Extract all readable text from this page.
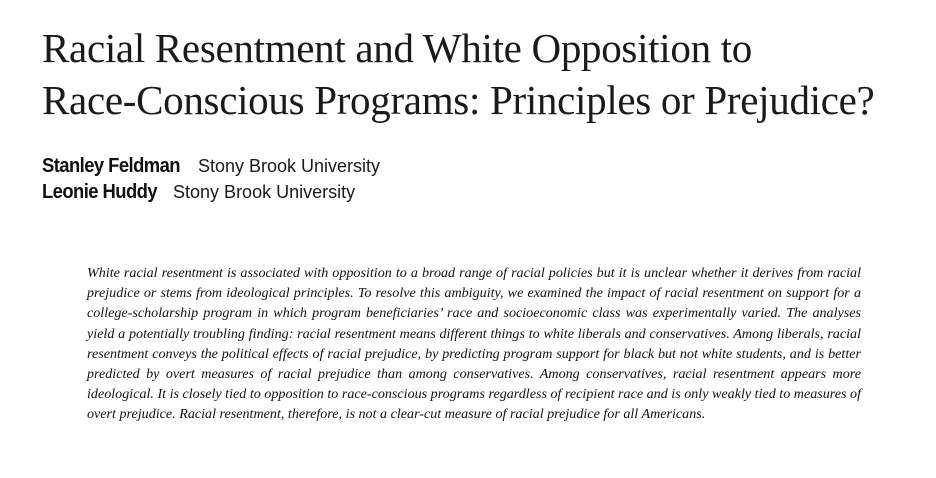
Racial Resentment and White Opposition to
Race-Conscious Programs: Principles or Prejudice?
Stanley Feldman Stony Brook University
Leonie Huddy Stony Brook University

White racial resentment is associated with opposition to a broad range of racial policies but it is unclear whether it derives from racial prejudice or stems from ideological principles. To resolve this ambiguity, we examined the impact of racial resentment on support for a college-scholarship program in which program beneficiaries’ race and socioeconomic class was experimentally varied. The analyses yield a potentially troubling finding: racial resentment means different things to white liberals and conservatives. Among liberals, racial resentment conveys the political effects of racial prejudice, by predicting program support for black but not white students, and is better predicted by overt measures of racial prejudice than among conservatives. Among conservatives, racial resentment appears more ideological. It is closely tied to opposition to race-conscious programs regardless of recipient race and is only weakly tied to measures of overt prejudice. Racial resentment, therefore, is not a clear-cut measure of racial prejudice for all Americans.
